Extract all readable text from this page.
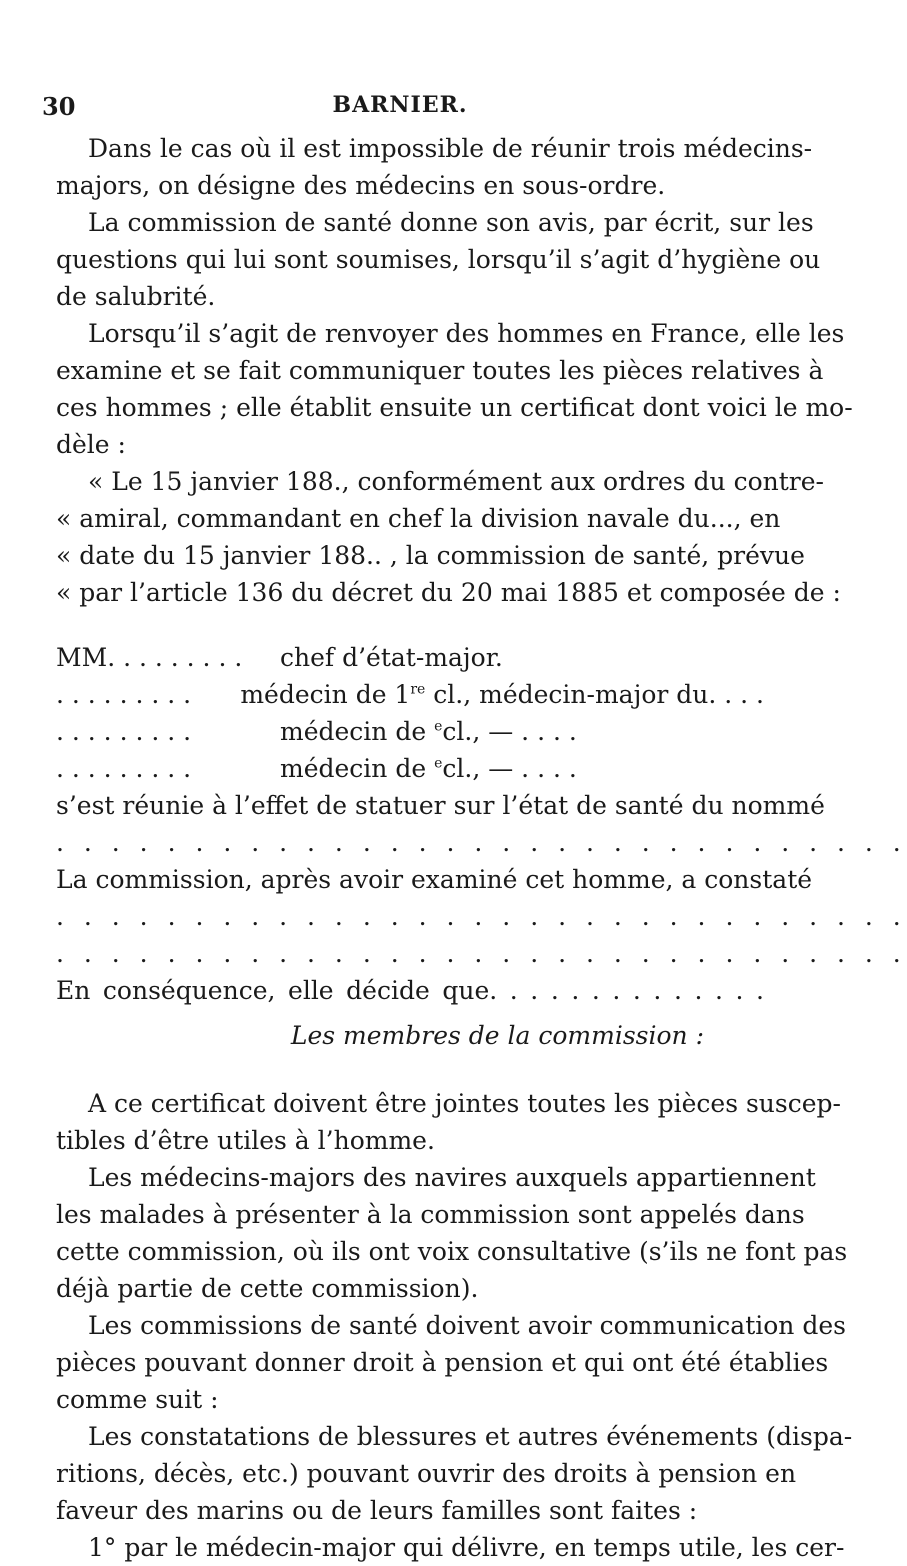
30	BARNIER.
Dans le cas où il est impossible de réunir trois médecins-
majors, on désigne des médecins en sous-ordre.
La commission de santé donne son avis, par écrit, sur les
questions qui lui sont soumises, lorsqu’il s’agit d’hygiène ou
de salubrité.
Lorsqu’il s’agit de renvoyer des hommes en France, elle les
examine et se fait communiquer toutes les pièces relatives à
ces hommes ; elle établit ensuite un certificat dont voici le mo-
dèle :
« Le 15 janvier 188., conformément aux ordres du contre-
« amiral, commandant en chef la division navale du..., en
« date du 15 janvier 188.. , la commission de santé, prévue
« par l’article 136 du décret du 20 mai 1885 et composée de :
MM. . . . . . . . .	chef d’état-major.
. . . . . . . . .	médecin de 1re cl., médecin-major du. . . .
. . . . . . . . .	médecin de $^e$cl., — . . . .
. . . . . . . . .	médecin de $^e$cl., — . . . .
s’est réunie à l’effet de statuer sur l’état de santé du nommé
. . . . . . . . . . . . . . . . . . . . . . . . . . . . . . .
La commission, après avoir examiné cet homme, a constaté
. . . . . . . . . . . . . . . . . . . . . . . . . . . . . . .
. . . . . . . . . . . . . . . . . . . . . . . . . . . . . . .
En conséquence, elle décide que. . . . . . . . . . . . . .
Les membres de la commission :
A ce certificat doivent être jointes toutes les pièces suscep-
tibles d’être utiles à l’homme.
Les médecins-majors des navires auxquels appartiennent
les malades à présenter à la commission sont appelés dans
cette commission, où ils ont voix consultative (s’ils ne font pas
déjà partie de cette commission).
Les commissions de santé doivent avoir communication des
pièces pouvant donner droit à pension et qui ont été établies
comme suit :
Les constatations de blessures et autres événements (dispa-
ritions, décès, etc.) pouvant ouvrir des droits à pension en
faveur des marins ou de leurs familles sont faites :
1° par le médecin-major qui délivre, en temps utile, les cer-
